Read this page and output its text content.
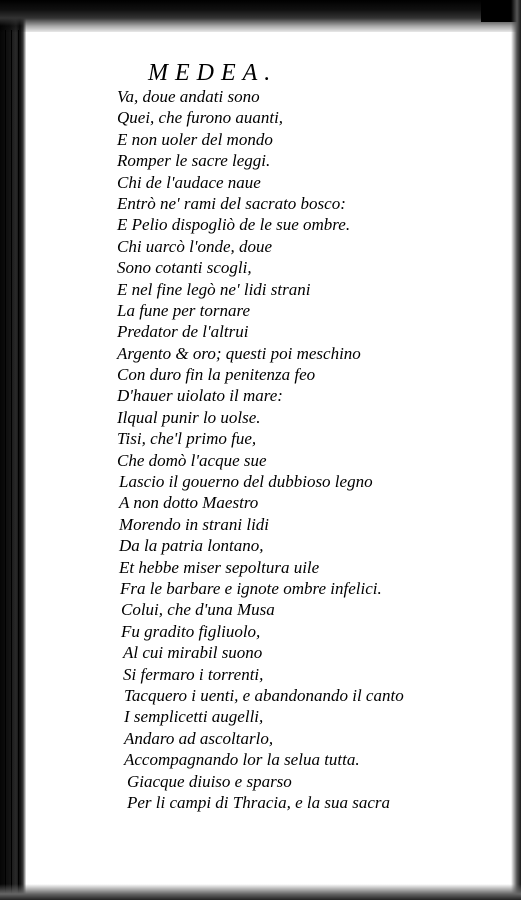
MEDEA.
Va, doue andati sono
Quei, che furono auanti,
E non uoler del mondo
Romper le sacre leggi.
Chi de l'audace naue
Entrò ne' rami del sacrato bosco:
E Pelio dispogliò de le sue ombre.
Chi uarcò l'onde, doue
Sono cotanti scogli,
E nel fine legò ne' lidi strani
La fune per tornare
Predator de l'altrui
Argento & oro; questi poi meschino
Con duro fin la penitenza feo
D'hauer uiolato il mare:
Ilqual punir lo uolse.
Tisi, che'l primo fue,
Che domò l'acque sue
Lascio il gouerno del dubbioso legno
A non dotto Maestro
Morendo in strani lidi
Da la patria lontano,
Et hebbe miser sepoltura uile
Fra le barbare e ignote ombre infelici.
Colui, che d'una Musa
Fu gradito figliuolo,
Al cui mirabil suono
Si fermaro i torrenti,
Tacquero i uenti, e abandonando il canto
I semplicetti augelli,
Andaro ad ascoltarlo,
Accompagnando lor la selua tutta.
Giacque diuiso e sparso
Per li campi di Thracia, e la sua sacra
